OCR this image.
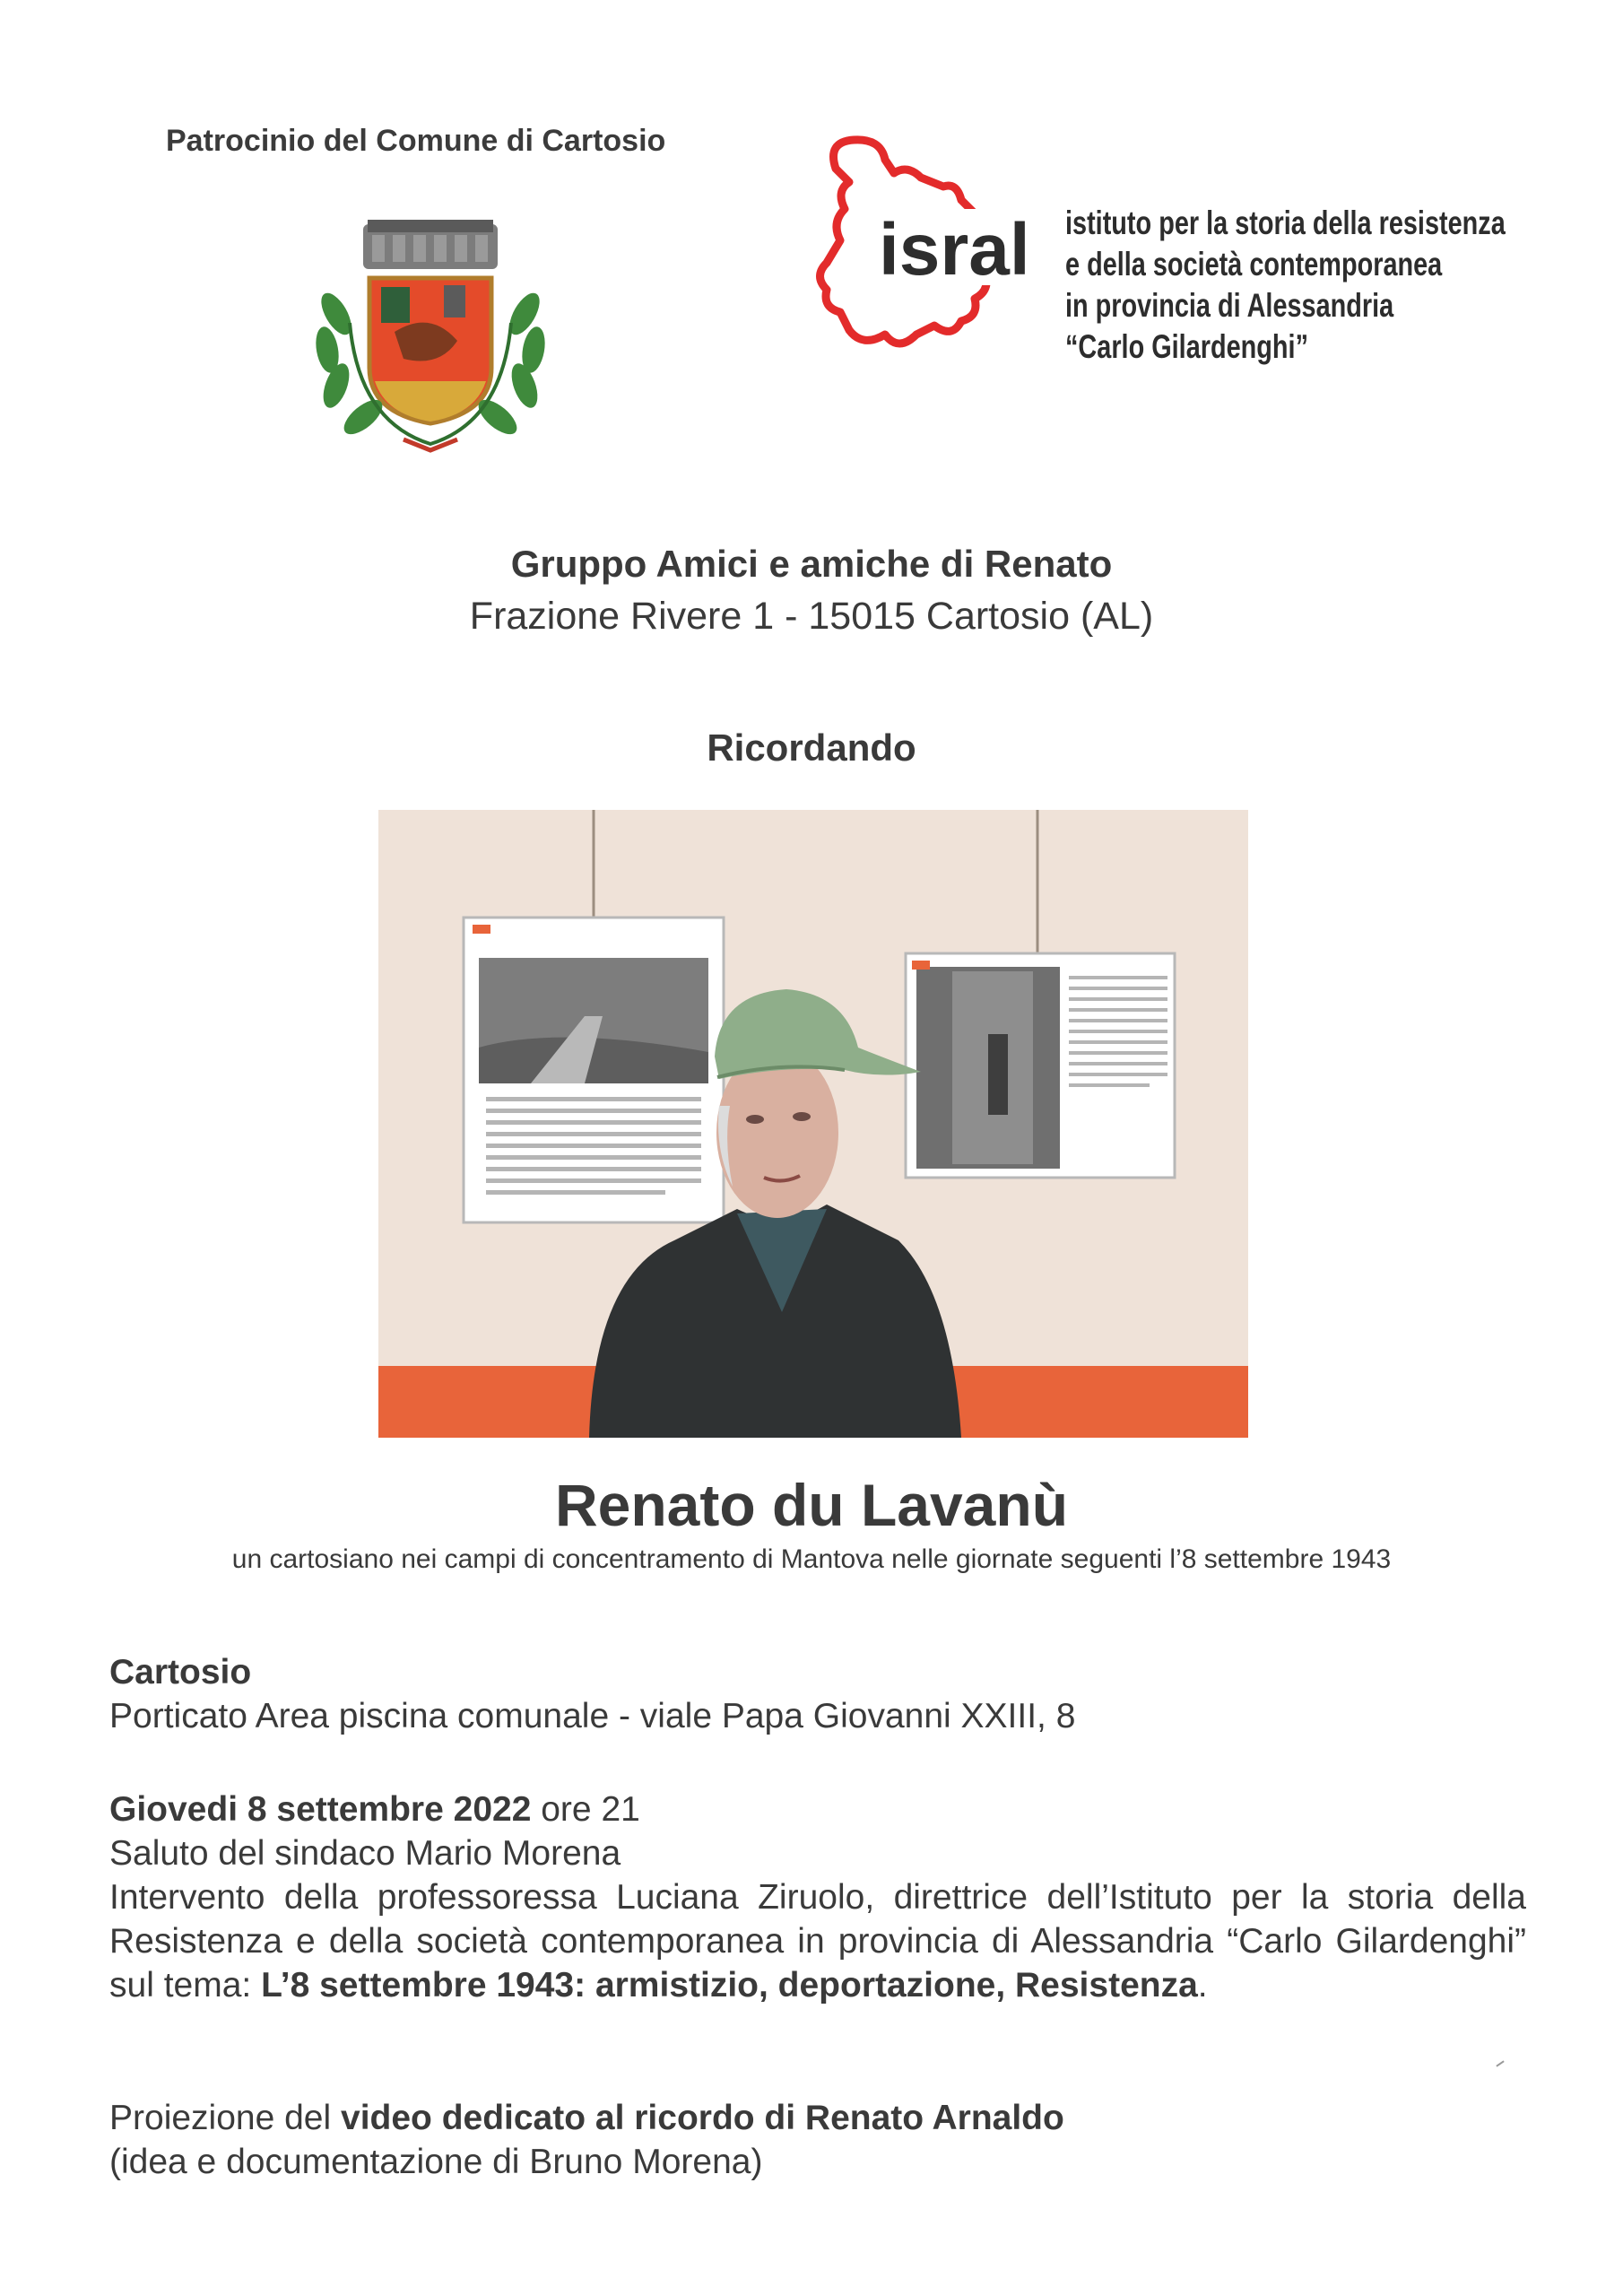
Patrocinio del Comune di Cartosio
isral istituto per la storia della resistenza
e della società contemporanea
in provincia di Alessandria
“Carlo Gilardenghi”
Gruppo Amici e amiche di Renato
Frazione Rivere 1 - 15015 Cartosio (AL)
Ricordando
Renato du Lavanù
un cartosiano nei campi di concentramento di Mantova nelle giornate seguenti l’8 settembre 1943
Cartosio
Porticato Area piscina comunale - viale Papa Giovanni XXIII, 8
Giovedi 8 settembre 2022 ore 21
Saluto del sindaco Mario Morena
Intervento della professoressa Luciana Ziruolo, direttrice dell’Istituto per la storia della Resistenza e della società contemporanea in provincia di Alessandria “Carlo Gilardenghi” sul tema: L’8 settembre 1943: armistizio, deportazione, Resistenza.
Proiezione del video dedicato al ricordo di Renato Arnaldo
(idea e documentazione di Bruno Morena)
